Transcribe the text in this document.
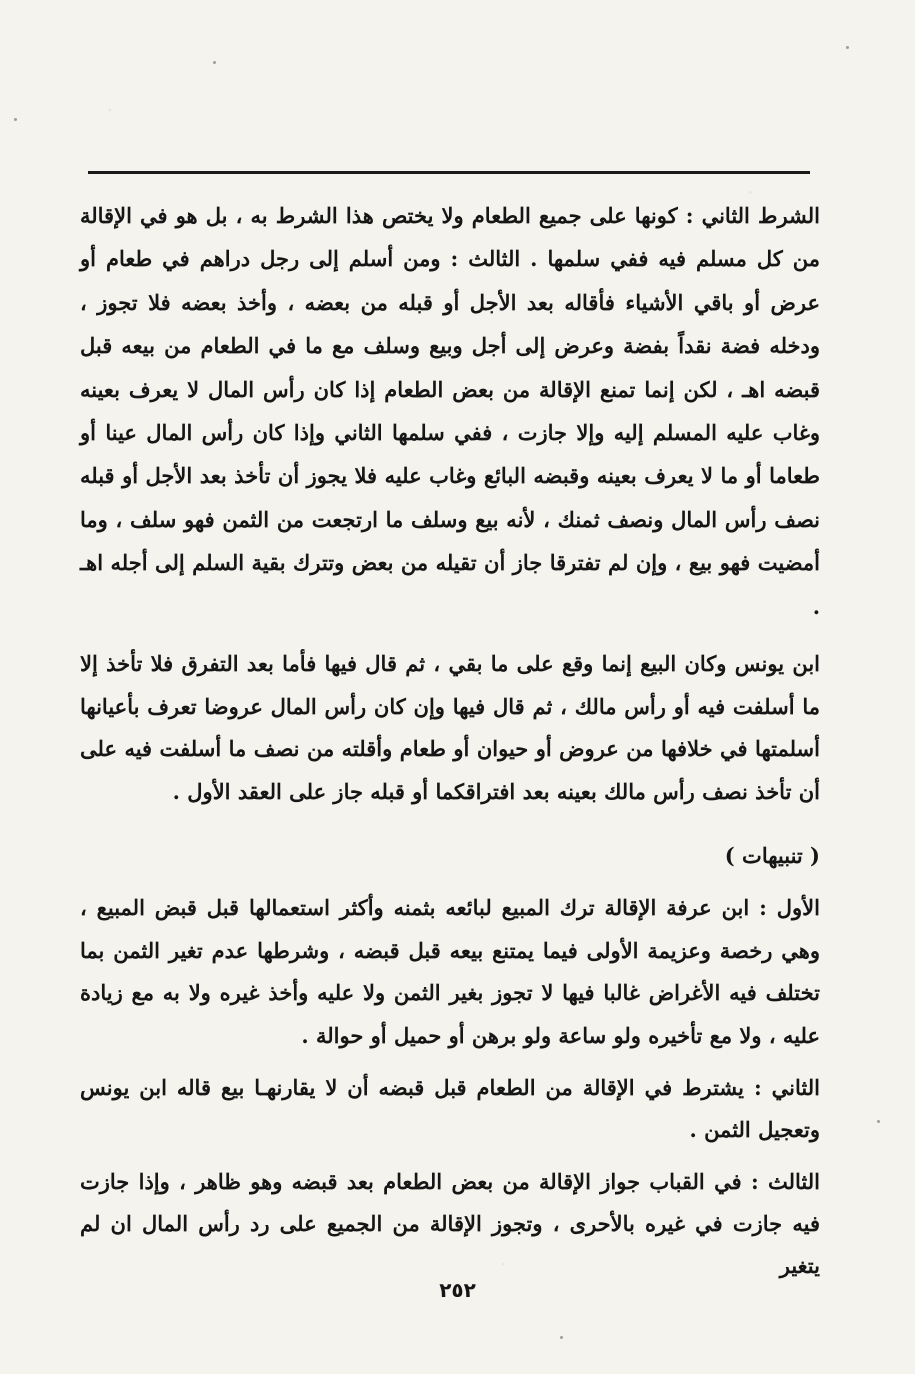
الشرط الثاني : كونها على جميع الطعام ولا يختص هذا الشرط به ، بل هو في الإقالة من كل مسلم فيه ففي سلمها . الثالث : ومن أسلم إلى رجل دراهم في طعام أو عرض أو باقي الأشياء فأقاله بعد الأجل أو قبله من بعضه ، وأخذ بعضه فلا تجوز ، ودخله فضة نقداً بفضة وعرض إلى أجل وبيع وسلف مع ما في الطعام من بيعه قبل قبضه اهـ ، لكن إنما تمنع الإقالة من بعض الطعام إذا كان رأس المال لا يعرف بعينه وغاب عليه المسلم إليه وإلا جازت ، ففي سلمها الثاني وإذا كان رأس المال عينا أو طعاما أو ما لا يعرف بعينه وقبضه البائع وغاب عليه فلا يجوز أن تأخذ بعد الأجل أو قبله نصف رأس المال ونصف ثمنك ، لأنه بيع وسلف ما ارتجعت من الثمن فهو سلف ، وما أمضيت فهو بيع ، وإن لم تفترقا جاز أن تقيله من بعض وتترك بقية السلم إلى أجله اهـ .

ابن يونس وكان البيع إنما وقع على ما بقي ، ثم قال فيها فأما بعد التفرق فلا تأخذ إلا ما أسلفت فيه أو رأس مالك ، ثم قال فيها وإن كان رأس المال عروضا تعرف بأعيانها أسلمتها في خلافها من عروض أو حيوان أو طعام وأقلته من نصف ما أسلفت فيه على أن تأخذ نصف رأس مالك بعينه بعد افتراقكما أو قبله جاز على العقد الأول .

( تنبيهات )

الأول : ابن عرفة الإقالة ترك المبيع لبائعه بثمنه وأكثر استعمالها قبل قبض المبيع ، وهي رخصة وعزيمة الأولى فيما يمتنع بيعه قبل قبضه ، وشرطها عدم تغير الثمن بما تختلف فيه الأغراض غالبا فيها لا تجوز بغير الثمن ولا عليه وأخذ غيره ولا به مع زيادة عليه ، ولا مع تأخيره ولو ساعة ولو برهن أو حميل أو حوالة .

الثاني : يشترط في الإقالة من الطعام قبل قبضه أن لا يقارنهـا بيع قاله ابن يونس وتعجيل الثمن .

الثالث : في القباب جواز الإقالة من بعض الطعام بعد قبضه وهو ظاهر ، وإذا جازت فيه جازت في غيره بالأحرى ، وتجوز الإقالة من الجميع على رد رأس المال ان لم يتغير

٢٥٢
